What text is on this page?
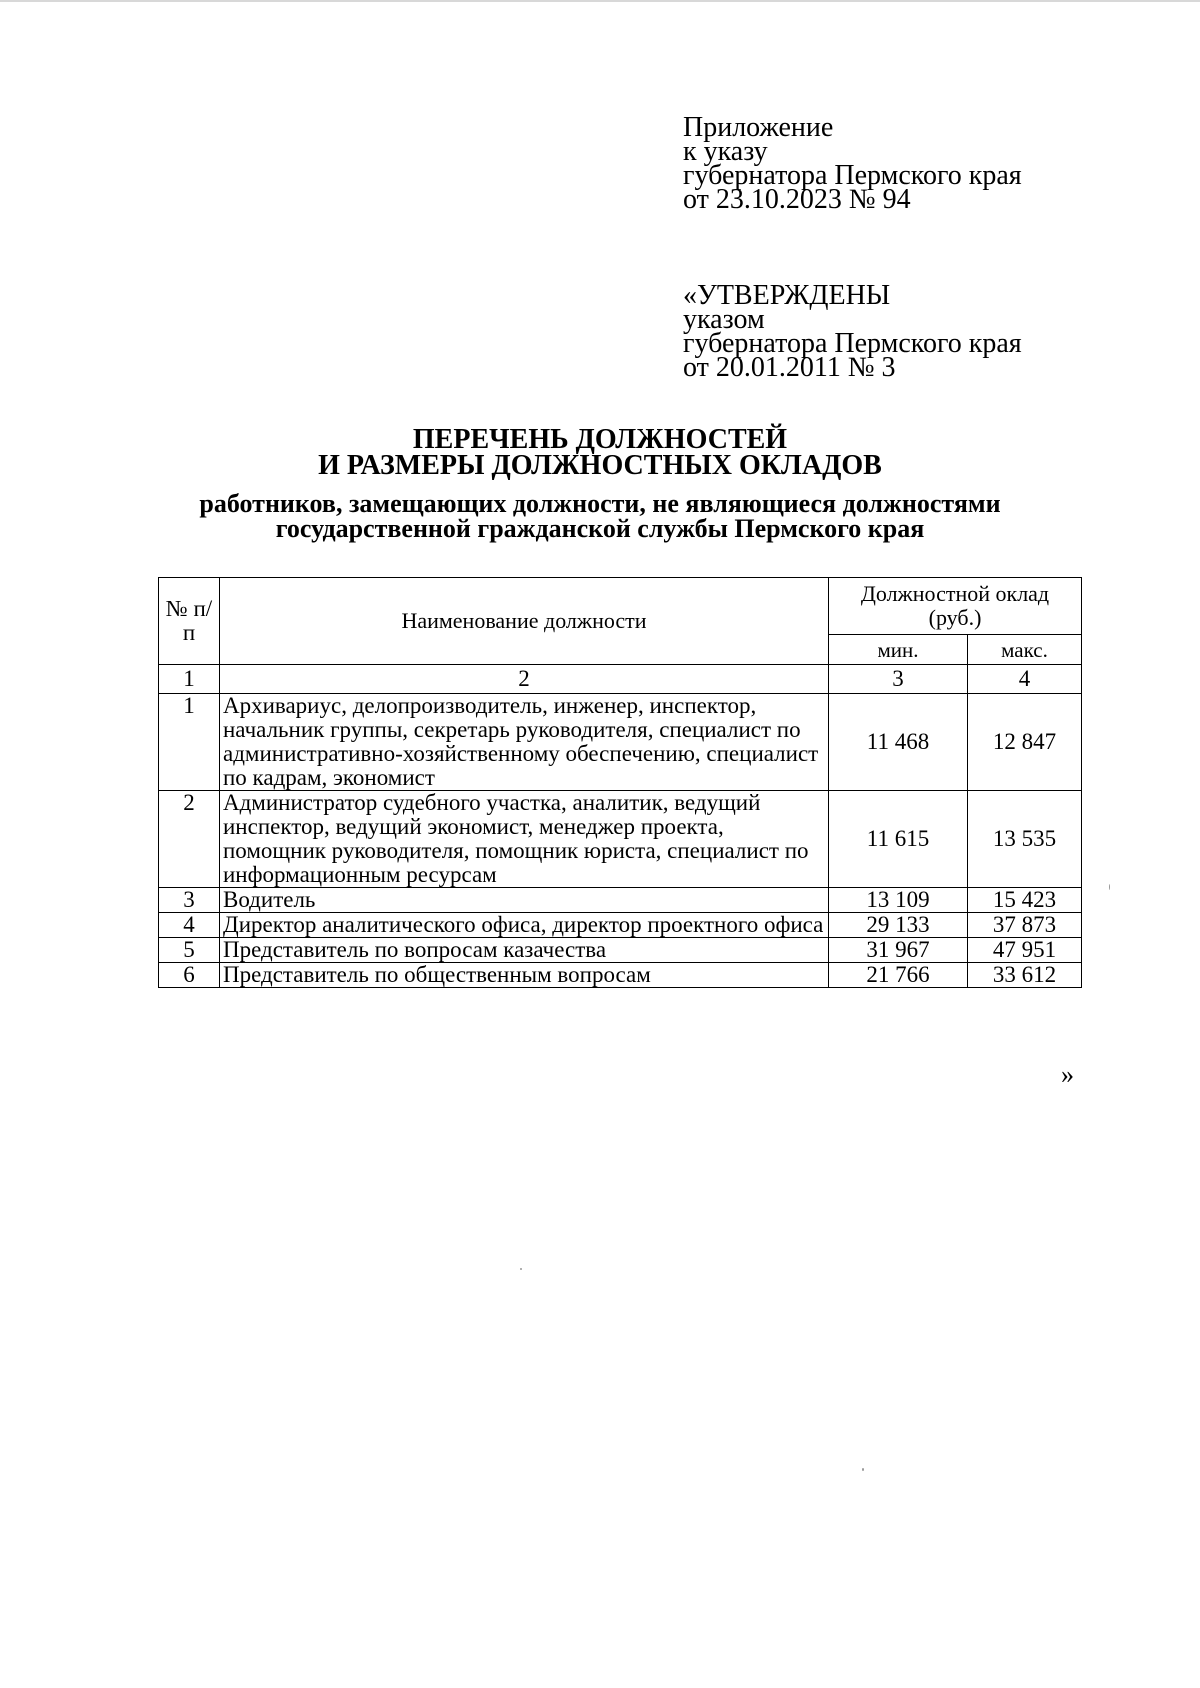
Приложение
к указу
губернатора Пермского края
от 23.10.2023 № 94
«УТВЕРЖДЕНЫ
указом
губернатора Пермского края
от 20.01.2011 № 3
ПЕРЕЧЕНЬ ДОЛЖНОСТЕЙ
И РАЗМЕРЫ ДОЛЖНОСТНЫХ ОКЛАДОВ
работников, замещающих должности, не являющиеся должностями
государственной гражданской службы Пермского края
№ п/п	Наименование должности	Должностной оклад (руб.)	
		мин.	макс.
1	2	3	4
1	Архивариус, делопроизводитель, инженер, инспектор, начальник группы, секретарь руководителя, специалист по административно-хозяйственному обеспечению, специалист по кадрам, экономист	11 468	12 847
2	Администратор судебного участка, аналитик, ведущий инспектор, ведущий экономист, менеджер проекта, помощник руководителя, помощник юриста, специалист по информационным ресурсам	11 615	13 535
3	Водитель	13 109	15 423
4	Директор аналитического офиса, директор проектного офиса	29 133	37 873
5	Представитель по вопросам казачества	31 967	47 951
6	Представитель по общественным вопросам	21 766	33 612
»
